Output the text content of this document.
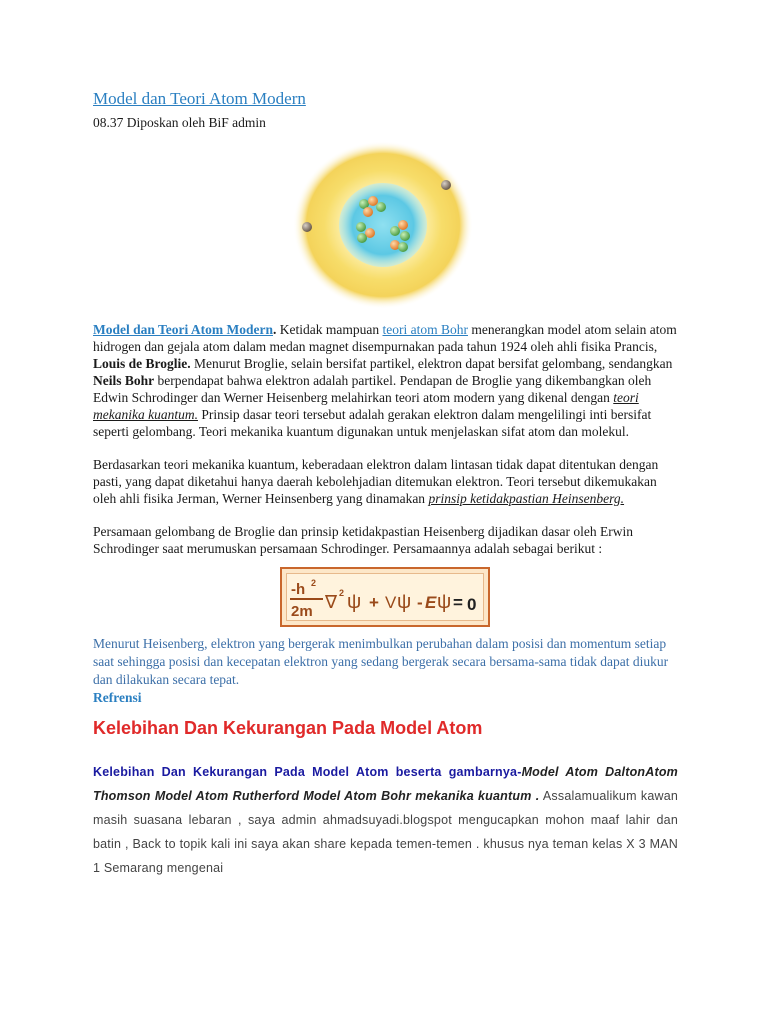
Model dan Teori Atom Modern

08.37 Diposkan oleh BiF admin

Model dan Teori Atom Modern. Ketidak mampuan teori atom Bohr menerangkan model atom selain atom hidrogen dan gejala atom dalam medan magnet disempurnakan pada tahun 1924 oleh ahli fisika Prancis, Louis de Broglie. Menurut Broglie, selain bersifat partikel, elektron dapat bersifat gelombang, sendangkan Neils Bohr berpendapat bahwa elektron adalah partikel. Pendapan de Broglie yang dikembangkan oleh Edwin Schrodinger dan Werner Heisenberg melahirkan teori atom modern yang dikenal dengan teori mekanika kuantum. Prinsip dasar teori tersebut adalah gerakan elektron dalam mengelilingi inti bersifat seperti gelombang. Teori mekanika kuantum digunakan untuk menjelaskan sifat atom dan molekul.

Berdasarkan teori mekanika kuantum, keberadaan elektron dalam lintasan tidak dapat ditentukan dengan pasti, yang dapat diketahui hanya daerah kebolehjadian ditemukan elektron. Teori tersebut dikemukakan oleh ahli fisika Jerman, Werner Heinsenberg yang dinamakan prinsip ketidakpastian Heinsenberg.

Persamaan gelombang de Broglie dan prinsip ketidakpastian Heisenberg dijadikan dasar oleh Erwin Schrodinger saat merumuskan persamaan Schrodinger. Persamaannya adalah sebagai berikut :

-h 2
2m ∇ 2 ψ + V ψ - E ψ = 0

Menurut Heisenberg, elektron yang bergerak menimbulkan perubahan dalam posisi dan momentum setiap saat sehingga posisi dan kecepatan elektron yang sedang bergerak secara bersama-sama tidak dapat diukur dan dilakukan secara tepat.

Refrensi

Kelebihan Dan Kekurangan Pada Model Atom

Kelebihan Dan Kekurangan Pada Model Atom beserta gambarnya-Model Atom DaltonAtom Thomson Model Atom Rutherford Model Atom Bohr mekanika kuantum . Assalamualikum kawan masih suasana lebaran , saya admin ahmadsuyadi.blogspot mengucapkan mohon maaf lahir dan batin , Back to topik kali ini saya akan share kepada temen-temen . khusus nya teman kelas X 3 MAN 1 Semarang mengenai
